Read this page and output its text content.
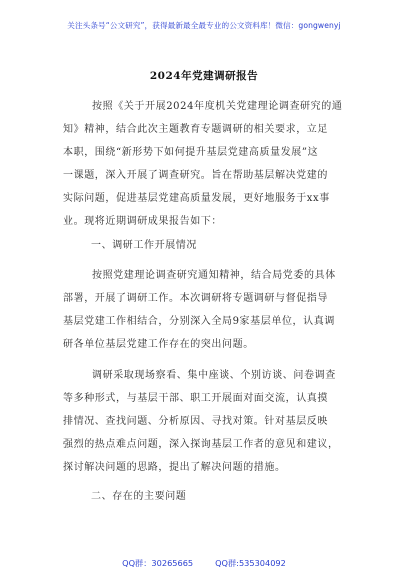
关注头条号“公文研究”，获得最新最全最专业的公文资料库！微信：gongwenyj
2024年党建调研报告
按照《关于开展2024年度机关党建理论调查研究的通
知》精神，结合此次主题教育专题调研的相关要求，立足
本职，围绕“新形势下如何提升基层党建高质量发展”这
一课题，深入开展了调查研究。旨在帮助基层解决党建的
实际问题，促进基层党建高质量发展，更好地服务于xx事
业。现将近期调研成果报告如下：
一、调研工作开展情况
按照党建理论调查研究通知精神，结合局党委的具体
部署，开展了调研工作。本次调研将专题调研与督促指导
基层党建工作相结合，分别深入全局9家基层单位，认真调
研各单位基层党建工作存在的突出问题。
调研采取现场察看、集中座谈、个别访谈、问卷调查
等多种形式，与基层干部、职工开展面对面交流，认真摸
排情况、查找问题、分析原因、寻找对策。针对基层反映
强烈的热点难点问题，深入探询基层工作者的意见和建议，
探讨解决问题的思路，提出了解决问题的措施。
二、存在的主要问题
QQ群：30265665	QQ群:535304092
